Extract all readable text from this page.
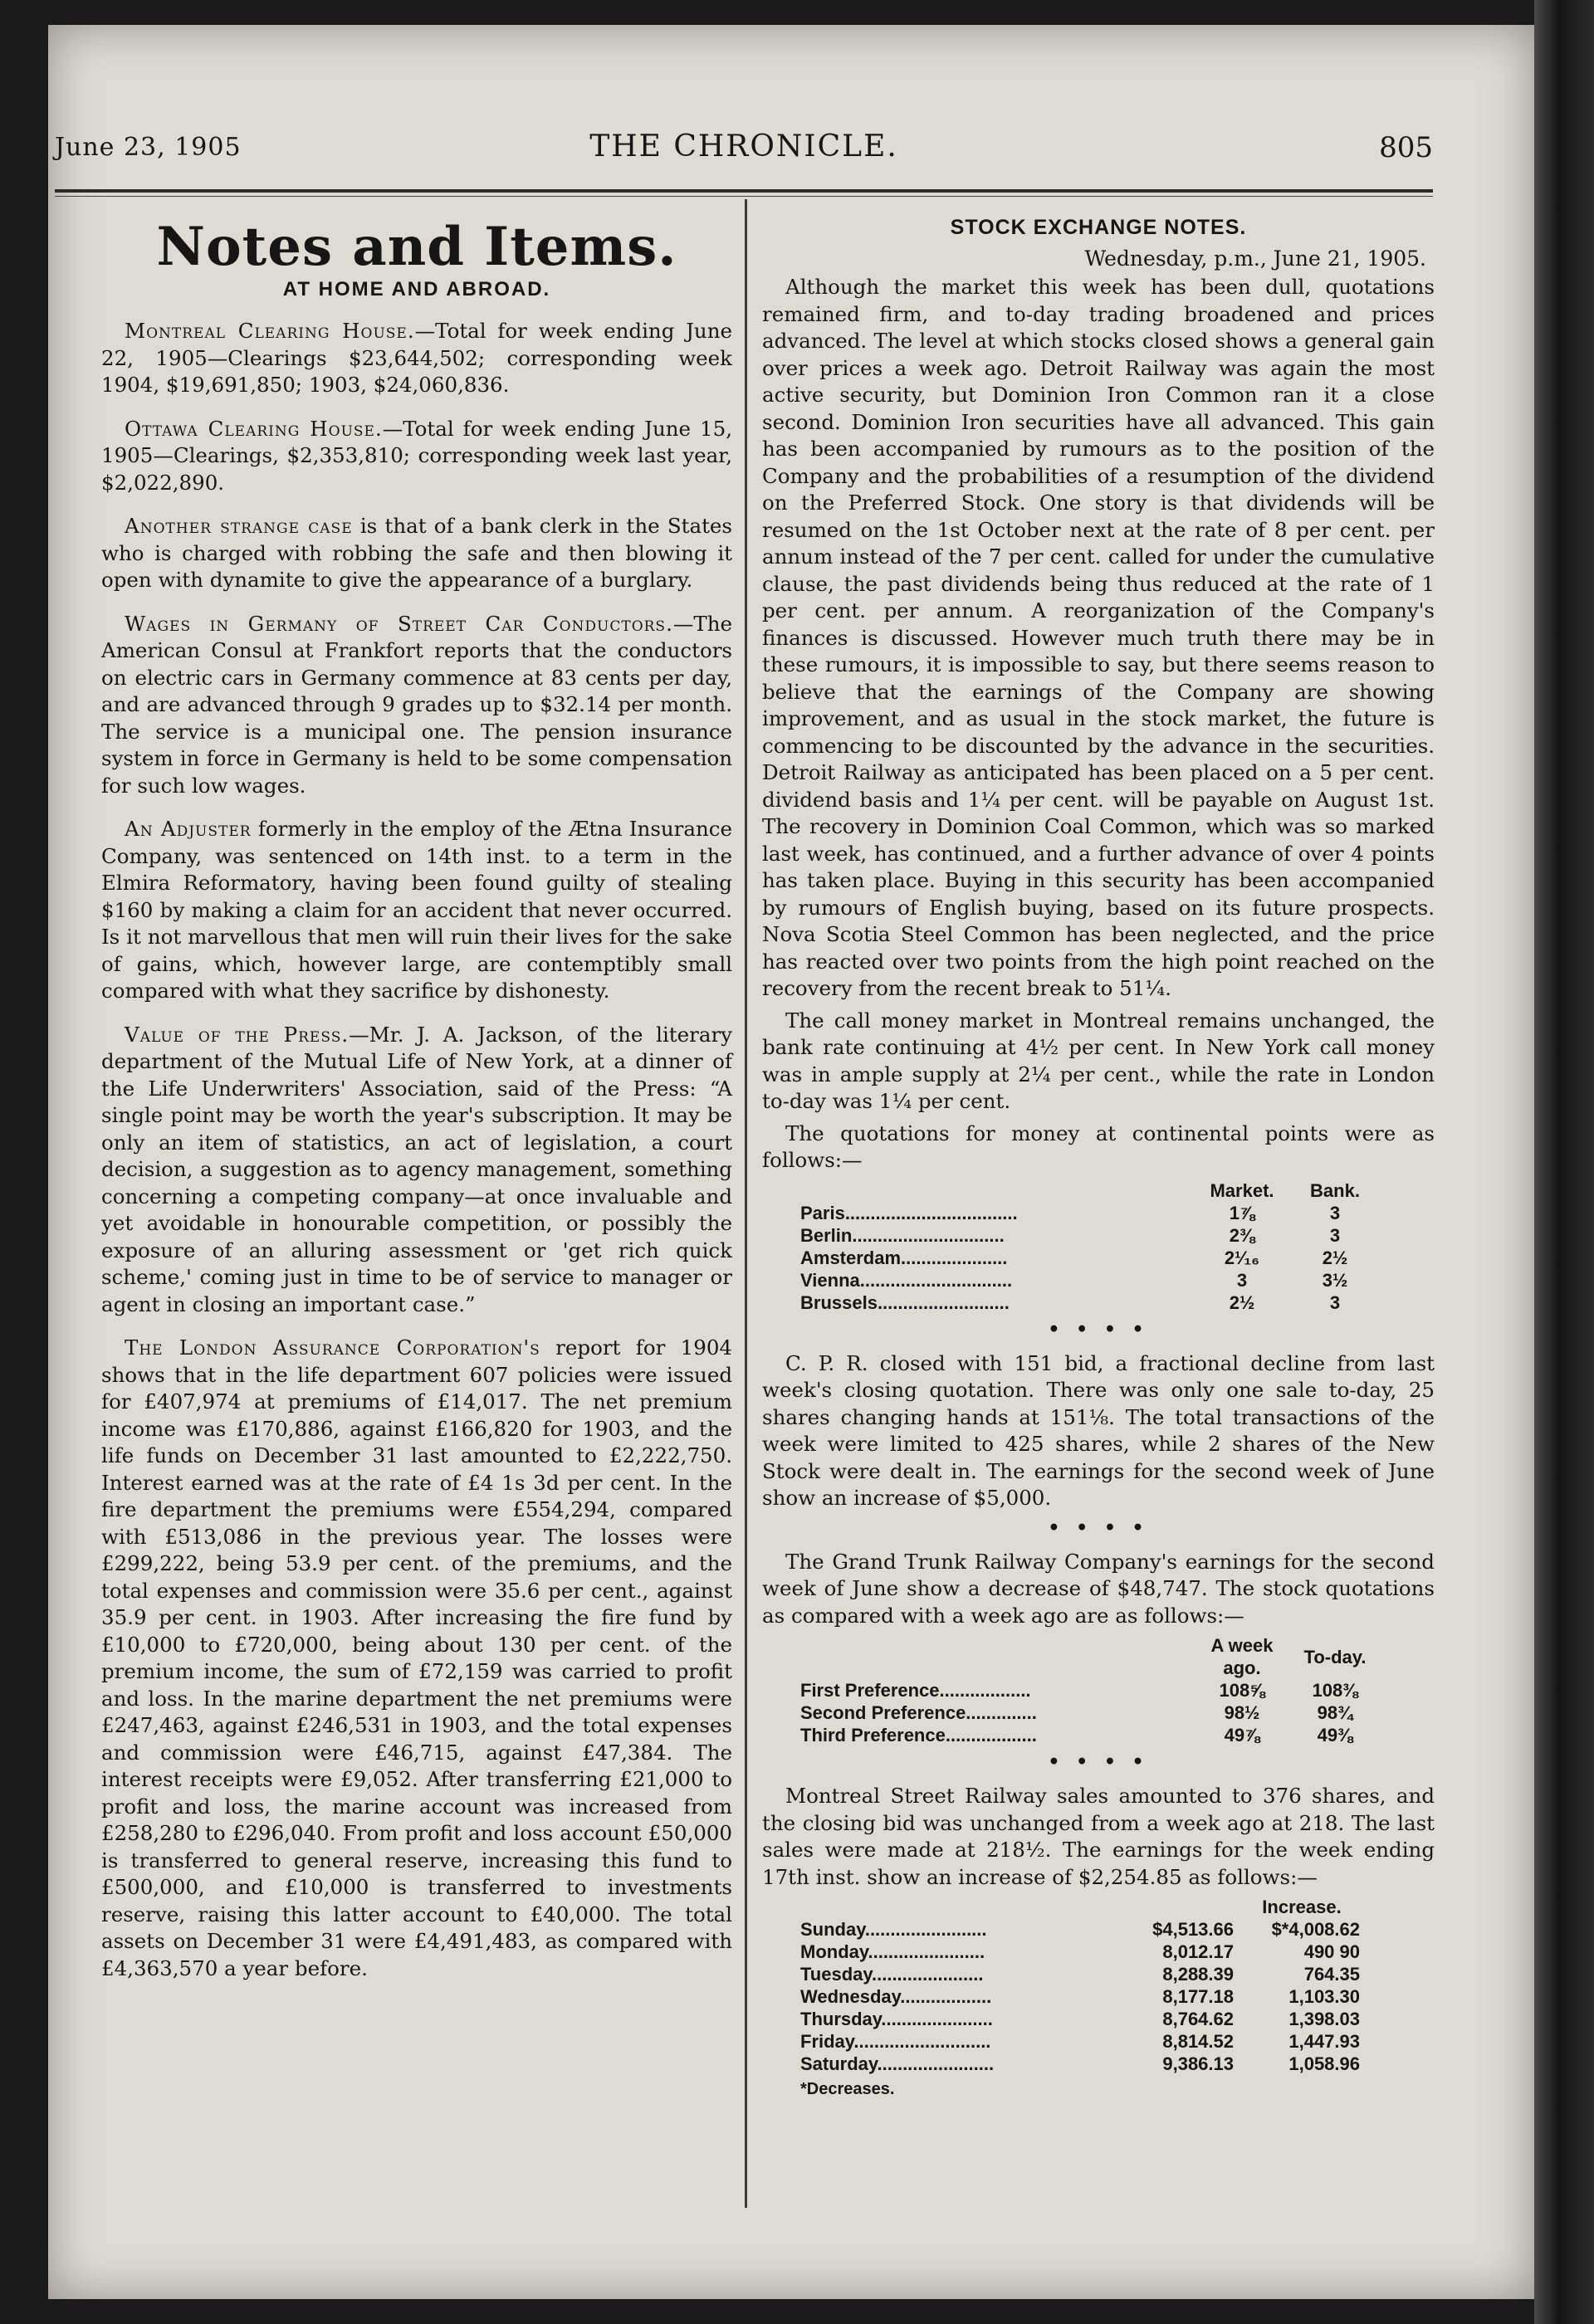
June 23, 1905	THE CHRONICLE.	805
Notes and Items.
AT HOME AND ABROAD.

Montreal Clearing House.—Total for week ending June 22, 1905—Clearings $23,644,502; corresponding week 1904, $19,691,850; 1903, $24,060,836.

Ottawa Clearing House.—Total for week ending June 15, 1905—Clearings, $2,353,810; corresponding week last year, $2,022,890.

Another strange case is that of a bank clerk in the States who is charged with robbing the safe and then blowing it open with dynamite to give the appearance of a burglary.

Wages in Germany of Street Car Conductors.—The American Consul at Frankfort reports that the conductors on electric cars in Germany commence at 83 cents per day, and are advanced through 9 grades up to $32.14 per month. The service is a municipal one. The pension insurance system in force in Germany is held to be some compensation for such low wages.

An Adjuster formerly in the employ of the Ætna Insurance Company, was sentenced on 14th inst. to a term in the Elmira Reformatory, having been found guilty of stealing $160 by making a claim for an accident that never occurred. Is it not marvellous that men will ruin their lives for the sake of gains, which, however large, are contemptibly small compared with what they sacrifice by dishonesty.

Value of the Press.—Mr. J. A. Jackson, of the literary department of the Mutual Life of New York, at a dinner of the Life Underwriters' Association, said of the Press: “A single point may be worth the year's subscription. It may be only an item of statistics, an act of legislation, a court decision, a suggestion as to agency management, something concerning a competing company—at once invaluable and yet avoidable in honourable competition, or possibly the exposure of an alluring assessment or 'get rich quick scheme,' coming just in time to be of service to manager or agent in closing an important case.”

The London Assurance Corporation's report for 1904 shows that in the life department 607 policies were issued for £407,974 at premiums of £14,017. The net premium income was £170,886, against £166,820 for 1903, and the life funds on December 31 last amounted to £2,222,750. Interest earned was at the rate of £4 1s 3d per cent. In the fire department the premiums were £554,294, compared with £513,086 in the previous year. The losses were £299,222, being 53.9 per cent. of the premiums, and the total expenses and commission were 35.6 per cent., against 35.9 per cent. in 1903. After increasing the fire fund by £10,000 to £720,000, being about 130 per cent. of the premium income, the sum of £72,159 was carried to profit and loss. In the marine department the net premiums were £247,463, against £246,531 in 1903, and the total expenses and commission were £46,715, against £47,384. The interest receipts were £9,052. After transferring £21,000 to profit and loss, the marine account was increased from £258,280 to £296,040. From profit and loss account £50,000 is transferred to general reserve, increasing this fund to £500,000, and £10,000 is transferred to investments reserve, raising this latter account to £40,000. The total assets on December 31 were £4,491,483, as compared with £4,363,570 a year before.

STOCK EXCHANGE NOTES.
Wednesday, p.m., June 21, 1905.

Although the market this week has been dull, quotations remained firm, and to-day trading broadened and prices advanced. The level at which stocks closed shows a general gain over prices a week ago. Detroit Railway was again the most active security, but Dominion Iron Common ran it a close second. Dominion Iron securities have all advanced. This gain has been accompanied by rumours as to the position of the Company and the probabilities of a resumption of the dividend on the Preferred Stock. One story is that dividends will be resumed on the 1st October next at the rate of 8 per cent. per annum instead of the 7 per cent. called for under the cumulative clause, the past dividends being thus reduced at the rate of 1 per cent. per annum. A reorganization of the Company's finances is discussed. However much truth there may be in these rumours, it is impossible to say, but there seems reason to believe that the earnings of the Company are showing improvement, and as usual in the stock market, the future is commencing to be discounted by the advance in the securities. Detroit Railway as anticipated has been placed on a 5 per cent. dividend basis and 1¼ per cent. will be payable on August 1st. The recovery in Dominion Coal Common, which was so marked last week, has continued, and a further advance of over 4 points has taken place. Buying in this security has been accompanied by rumours of English buying, based on its future prospects. Nova Scotia Steel Common has been neglected, and the price has reacted over two points from the high point reached on the recovery from the recent break to 51¼.

The call money market in Montreal remains unchanged, the bank rate continuing at 4½ per cent. In New York call money was in ample supply at 2¼ per cent., while the rate in London to-day was 1¼ per cent.

The quotations for money at continental points were as follows:—

	Market.	Bank.
Paris..................................	1⅞	3
Berlin..............................	2⅜	3
Amsterdam.....................	2¹⁄₁₆	2½
Vienna..............................	3	3½
Brussels..........................	2½	3
• • • •

C. P. R. closed with 151 bid, a fractional decline from last week's closing quotation. There was only one sale to-day, 25 shares changing hands at 151⅛. The total transactions of the week were limited to 425 shares, while 2 shares of the New Stock were dealt in. The earnings for the second week of June show an increase of $5,000.

• • • •

The Grand Trunk Railway Company's earnings for the second week of June show a decrease of $48,747. The stock quotations as compared with a week ago are as follows:—

	A week ago.	To-day.
First Preference..................	108⅝	108⅜
Second Preference..............	98½	98¾
Third Preference..................	49⅞	49⅜
• • • •

Montreal Street Railway sales amounted to 376 shares, and the closing bid was unchanged from a week ago at 218. The last sales were made at 218½. The earnings for the week ending 17th inst. show an increase of $2,254.85 as follows:—

		Increase.
Sunday........................	$4,513.66	$*4,008.62
Monday.......................	8,012.17	490 90
Tuesday......................	8,288.39	764.35
Wednesday..................	8,177.18	1,103.30
Thursday......................	8,764.62	1,398.03
Friday...........................	8,814.52	1,447.93
Saturday.......................	9,386.13	1,058.96
*Decreases.
